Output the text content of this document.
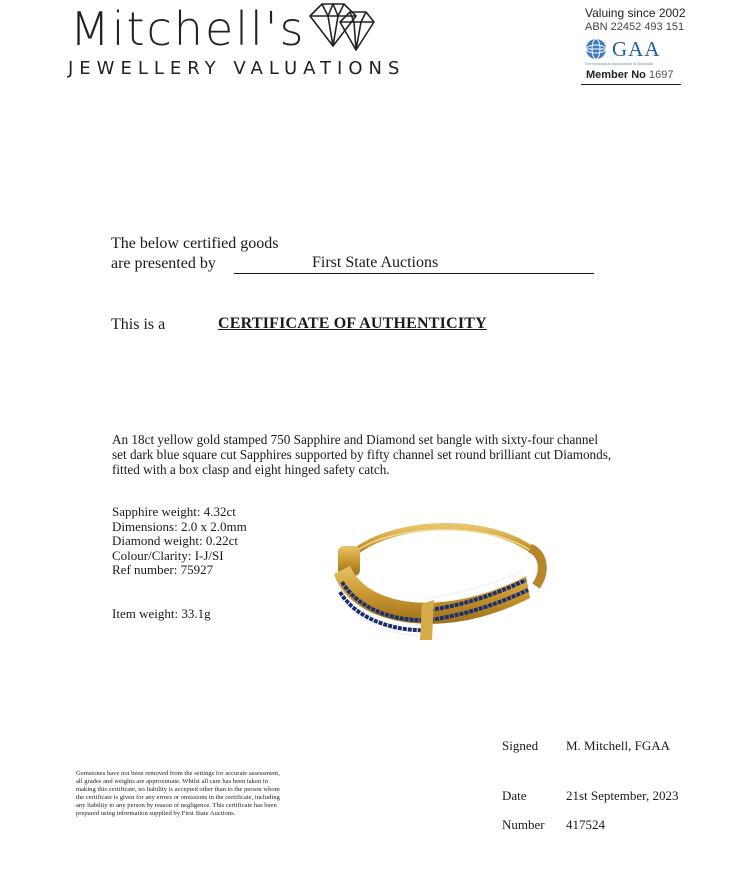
Mitchell's
JEWELLERY VALUATIONS
Valuing since 2002
ABN 22452 493 151
GAA
Gemmological Association of Australia
Member No 1697
The below certified goods
are presented by	First State Auctions
This is a	CERTIFICATE OF AUTHENTICITY
An 18ct yellow gold stamped 750 Sapphire and Diamond set bangle with sixty-four channel set dark blue square cut Sapphires supported by fifty channel set round brilliant cut Diamonds, fitted with a box clasp and eight hinged safety catch.
Sapphire weight: 4.32ct
Dimensions: 2.0 x 2.0mm
Diamond weight: 0.22ct
Colour/Clarity: I-J/SI
Ref number: 75927
Item weight: 33.1g
Signed M. Mitchell, FGAA
Date	21st September, 2023
Number 417524
Gemstones have not been removed from the settings for accurate assessment, all grades and weights are approximate. Whilst all care has been taken in making this certificate, no liability is accepted other than to the person whom the certificate is given for any errors or omissions in the certificate, including any liability to any person by reason of negligence. This certificate has been prepared using information supplied by First State Auctions.
